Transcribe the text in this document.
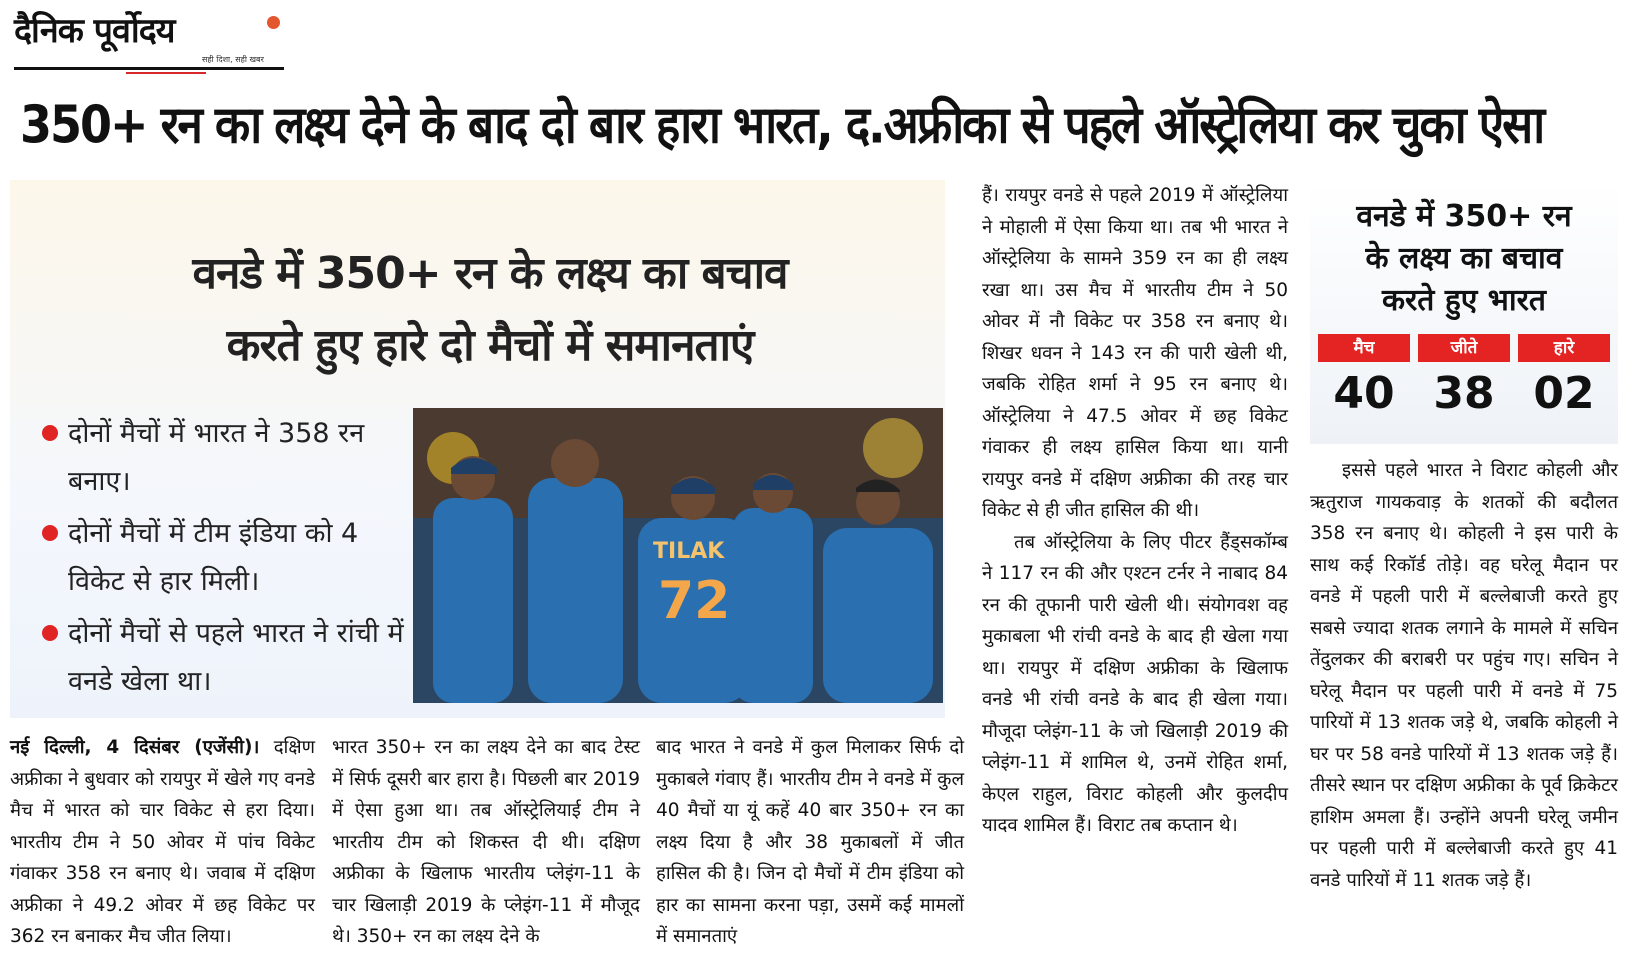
दैनिक पूर्वोदय
सही दिशा, सही खबर
350+ रन का लक्ष्य देने के बाद दो बार हारा भारत, द.अफ्रीका से पहले ऑस्ट्रेलिया कर चुका ऐसा
वनडे में 350+ रन के लक्ष्य का बचाव
करते हुए हारे दो मैचों में समानताएं
दोनों मैचों में भारत ने 358 रन बनाए।
दोनों मैचों में टीम इंडिया को 4 विकेट से हार मिली।
दोनों मैचों से पहले भारत ने रांची में वनडे खेला था।
TILAK
72
वनडे में 350+ रन
के लक्ष्य का बचाव
करते हुए भारत
मैच
40
जीते
38
हारे
02

नई दिल्ली, 4 दिसंबर (एजेंसी)। दक्षिण अफ्रीका ने बुधवार को रायपुर में खेले गए वनडे मैच में भारत को चार विकेट से हरा दिया। भारतीय टीम ने 50 ओवर में पांच विकेट गंवाकर 358 रन बनाए थे। जवाब में दक्षिण अफ्रीका ने 49.2 ओवर में छह विकेट पर 362 रन बनाकर मैच जीत लिया।

भारत 350+ रन का लक्ष्य देने का बाद टेस्ट में सिर्फ दूसरी बार हारा है। पिछली बार 2019 में ऐसा हुआ था। तब ऑस्ट्रेलियाई टीम ने भारतीय टीम को शिकस्त दी थी। दक्षिण अफ्रीका के खिलाफ भारतीय प्लेइंग-11 के चार खिलाड़ी 2019 के प्लेइंग-11 में मौजूद थे। 350+ रन का लक्ष्य देने के

बाद भारत ने वनडे में कुल मिलाकर सिर्फ दो मुकाबले गंवाए हैं। भारतीय टीम ने वनडे में कुल 40 मैचों या यूं कहें 40 बार 350+ रन का लक्ष्य दिया है और 38 मुकाबलों में जीत हासिल की है। जिन दो मैचों में टीम इंडिया को हार का सामना करना पड़ा, उसमें कई मामलों में समानताएं

हैं। रायपुर वनडे से पहले 2019 में ऑस्ट्रेलिया ने मोहाली में ऐसा किया था। तब भी भारत ने ऑस्ट्रेलिया के सामने 359 रन का ही लक्ष्य रखा था। उस मैच में भारतीय टीम ने 50 ओवर में नौ विकेट पर 358 रन बनाए थे। शिखर धवन ने 143 रन की पारी खेली थी, जबकि रोहित शर्मा ने 95 रन बनाए थे। ऑस्ट्रेलिया ने 47.5 ओवर में छह विकेट गंवाकर ही लक्ष्य हासिल किया था। यानी रायपुर वनडे में दक्षिण अफ्रीका की तरह चार विकेट से ही जीत हासिल की थी।

तब ऑस्ट्रेलिया के लिए पीटर हैंड्सकॉम्ब ने 117 रन की और एश्टन टर्नर ने नाबाद 84 रन की तूफानी पारी खेली थी। संयोगवश वह मुकाबला भी रांची वनडे के बाद ही खेला गया था। रायपुर में दक्षिण अफ्रीका के खिलाफ वनडे भी रांची वनडे के बाद ही खेला गया। मौजूदा प्लेइंग-11 के जो खिलाड़ी 2019 की प्लेइंग-11 में शामिल थे, उनमें रोहित शर्मा, केएल राहुल, विराट कोहली और कुलदीप यादव शामिल हैं। विराट तब कप्तान थे।

इससे पहले भारत ने विराट कोहली और ऋतुराज गायकवाड़ के शतकों की बदौलत 358 रन बनाए थे। कोहली ने इस पारी के साथ कई रिकॉर्ड तोड़े। वह घरेलू मैदान पर वनडे में पहली पारी में बल्लेबाजी करते हुए सबसे ज्यादा शतक लगाने के मामले में सचिन तेंदुलकर की बराबरी पर पहुंच गए। सचिन ने घरेलू मैदान पर पहली पारी में वनडे में 75 पारियों में 13 शतक जड़े थे, जबकि कोहली ने घर पर 58 वनडे पारियों में 13 शतक जड़े हैं। तीसरे स्थान पर दक्षिण अफ्रीका के पूर्व क्रिकेटर हाशिम अमला हैं। उन्होंने अपनी घरेलू जमीन पर पहली पारी में बल्लेबाजी करते हुए 41 वनडे पारियों में 11 शतक जड़े हैं।
